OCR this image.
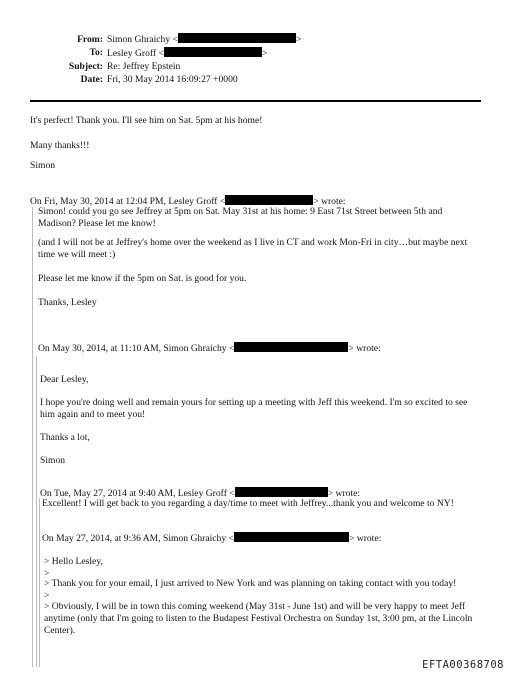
From: Simon Ghraichy <	>
To: Lesley Groff <	>
Subject: Re: Jeffrey Epstein
Date: Fri, 30 May 2014 16:09:27 +0000

It's perfect! Thank you. I'll see him on Sat. 5pm at his home!

Many thanks!!!

Simon

On Fri, May 30, 2014 at 12:04 PM, Lesley Groff <	> wrote:

Simon! could you go see Jeffrey at 5pm on Sat. May 31st at his home: 9 East 71st Street between 5th and Madison? Please let me know!

(and I will not be at Jeffrey's home over the weekend as I live in CT and work Mon-Fri in city…but maybe next time we will meet :)

Please let me know if the 5pm on Sat. is good for you.

Thanks, Lesley

On May 30, 2014, at 11:10 AM, Simon Ghraichy <	> wrote:

Dear Lesley,

I hope you're doing well and remain yours for setting up a meeting with Jeff this weekend. I'm so excited to see him again and to meet you!

Thanks a lot,

Simon

On Tue, May 27, 2014 at 9:40 AM, Lesley Groff <	> wrote:

Excellent! I will get back to you regarding a day/time to meet with Jeffrey...thank you and welcome to NY!

On May 27, 2014, at 9:36 AM, Simon Ghraichy <	> wrote:

> Hello Lesley,

>

> Thank you for your email, I just arrived to New York and was planning on taking contact with you today!

>

> Obviously, I will be in town this coming weekend (May 31st - June 1st) and will be very happy to meet Jeff anytime (only that I'm going to listen to the Budapest Festival Orchestra on Sunday 1st, 3:00 pm, at the Lincoln Center).

EFTA00368708
